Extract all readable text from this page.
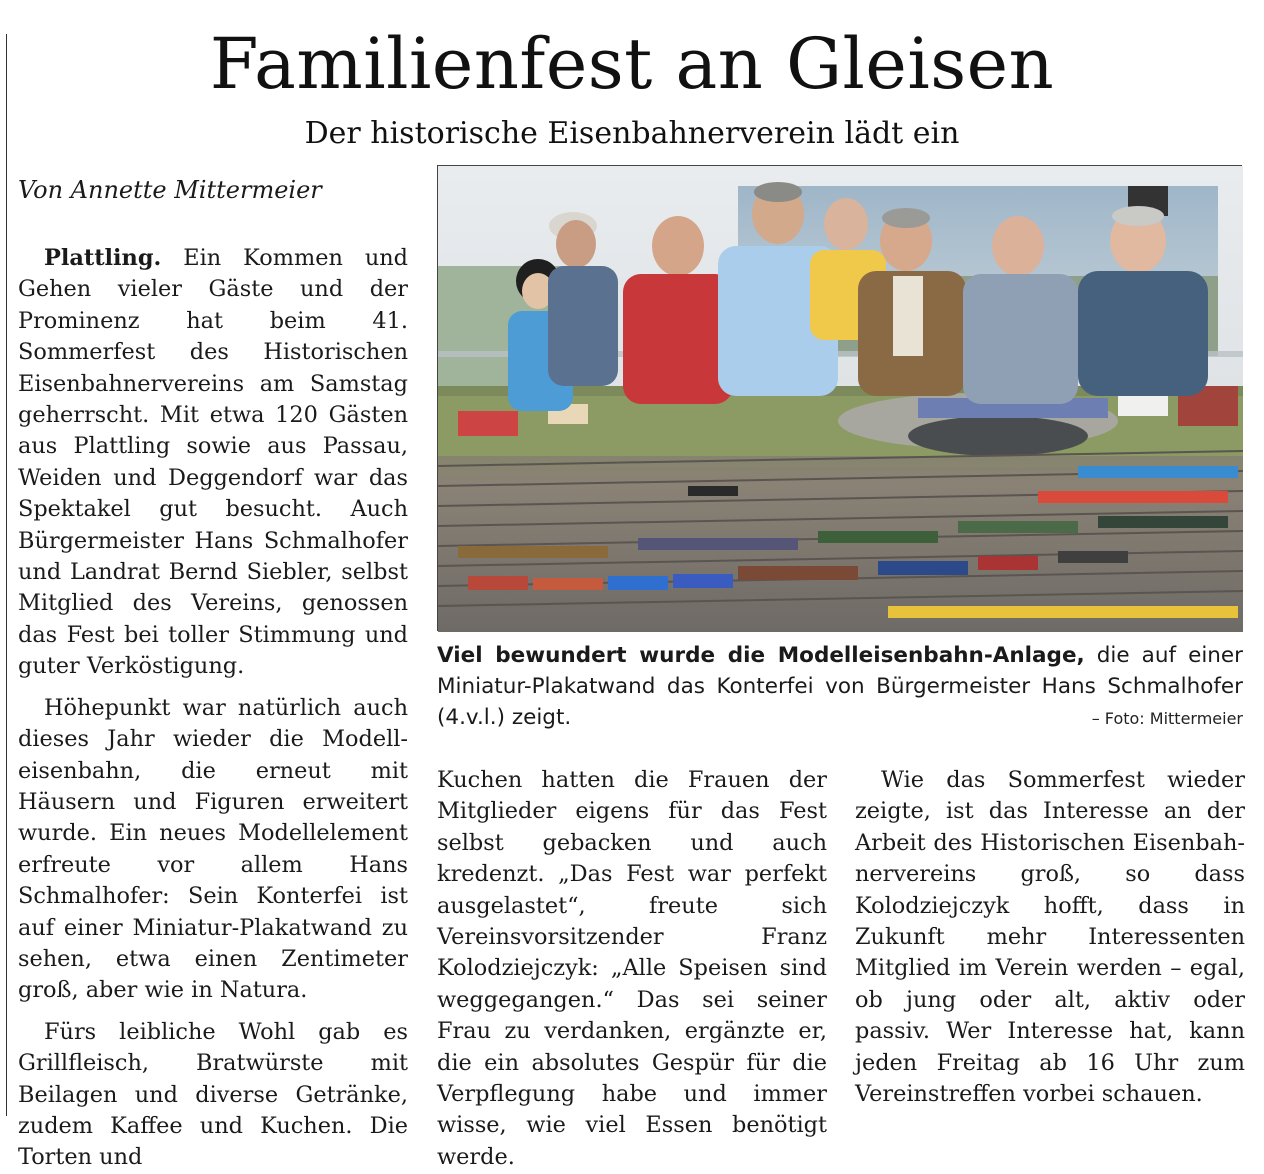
Familienfest an Gleisen
Der historische Eisenbahnerverein lädt ein
Von Annette Mittermeier

Plattling. Ein Kommen und Gehen vieler Gäste und der Prominenz hat beim 41. Sommerfest des Historischen Eisenbahnervereins am Samstag geherrscht. Mit etwa 120 Gästen aus Plattling sowie aus Passau, Weiden und Deggendorf war das Spektakel gut besucht. Auch Bürgermeister Hans Schmalhofer und Landrat Bernd Siebler, selbst Mitglied des Vereins, genossen das Fest bei toller Stimmung und guter Verköstigung.

Höhepunkt war natürlich auch dieses Jahr wieder die Modelleisenbahn, die erneut mit Häusern und Figuren erweitert wurde. Ein neues Modellelement erfreute vor allem Hans Schmalhofer: Sein Konterfei ist auf einer Miniatur-Plakatwand zu sehen, etwa einen Zentimeter groß, aber wie in Natura.

Fürs leibliche Wohl gab es Grillfleisch, Bratwürste mit Beilagen und diverse Getränke, zudem Kaffee und Kuchen. Die Torten und

Viel bewundert wurde die Modelleisenbahn-Anlage, die auf einer Miniatur-Plakatwand das Konterfei von Bürgermeister Hans Schmalhofer (4.v.l.) zeigt.	– Foto: Mittermeier

Kuchen hatten die Frauen der Mitglieder eigens für das Fest selbst gebacken und auch kredenzt. „Das Fest war perfekt ausgelastet“, freute sich Vereinsvorsitzender Franz Kolodziejczyk: „Alle Speisen sind weggegangen.“ Das sei seiner Frau zu verdanken, ergänzte er, die ein absolutes Gespür für die Verpflegung habe und immer wisse, wie viel Essen benötigt werde.

Wie das Sommerfest wieder zeigte, ist das Interesse an der Arbeit des Historischen Eisenbahnervereins groß, so dass Kolodziejczyk hofft, dass in Zukunft mehr Interessenten Mitglied im Verein werden – egal, ob jung oder alt, aktiv oder passiv. Wer Interesse hat, kann jeden Freitag ab 16 Uhr zum Vereinstreffen vorbei schauen.
